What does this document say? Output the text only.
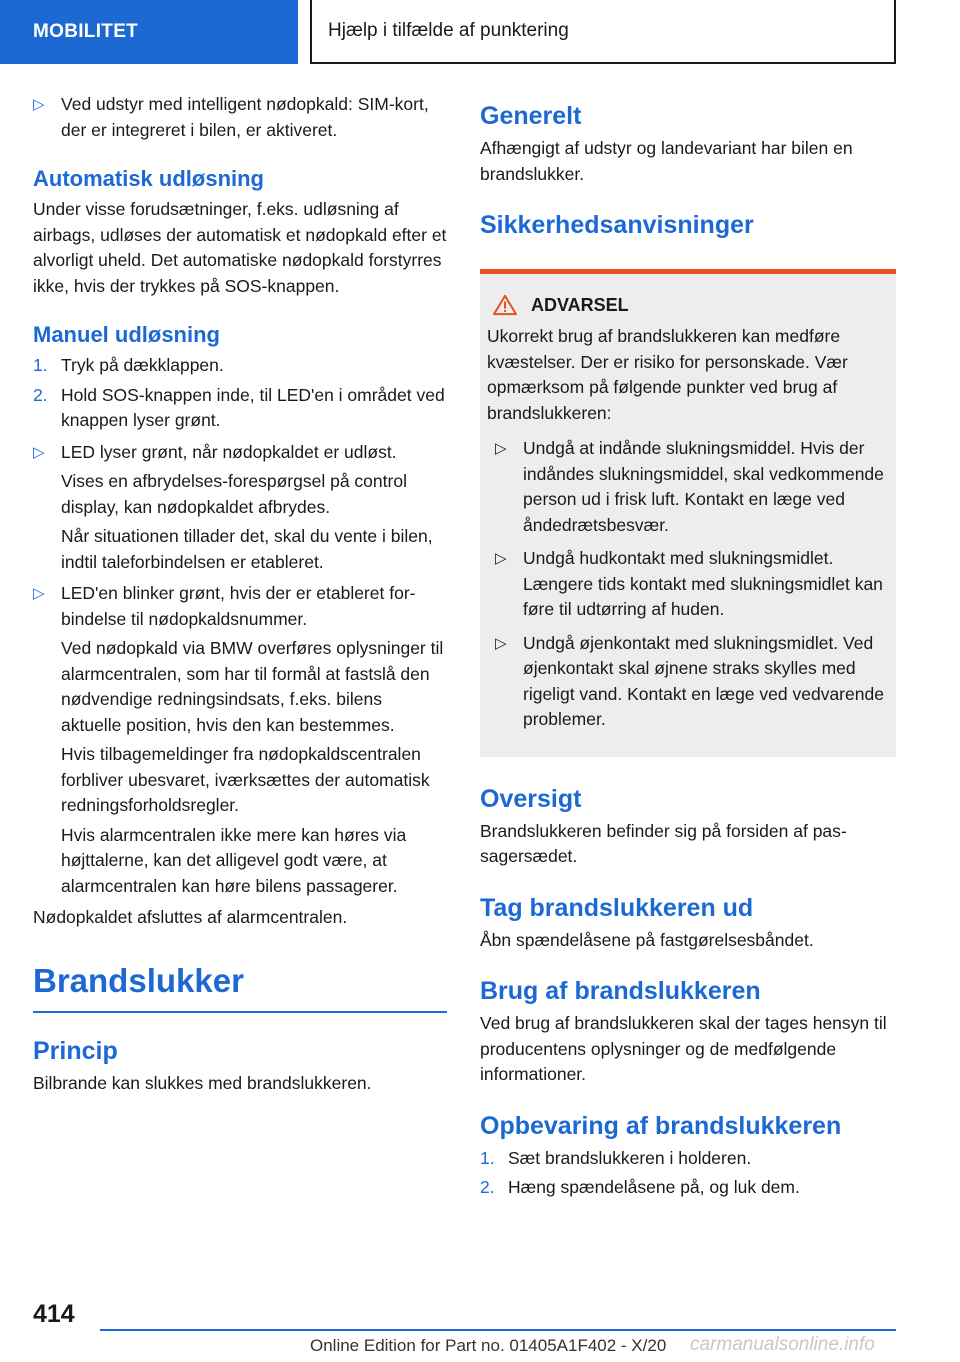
MOBILITET	Hjælp i tilfælde af punktering
▷ Ved udstyr med intelligent nødopkald: SIM-kort, der er integreret i bilen, er aktiveret.

Automatisk udløsning

Under visse forudsætninger, f.eks. udløsning af airbags, udløses der automatisk et nødopkald efter et alvorligt uheld. Det automatiske nødopkald forstyrres ikke, hvis der trykkes på SOS-knappen.

Manuel udløsning
1. Tryk på dækklappen.

2. Hold SOS-knappen inde, til LED'en i området ved knappen lyser grønt.

▷ LED lyser grønt, når nødopkaldet er udløst.

Vises en afbrydelses-forespørgsel på control display, kan nødopkaldet afbrydes.

Når situationen tillader det, skal du vente i bilen, indtil taleforbindelsen er etableret.

▷ LED'en blinker grønt, hvis der er etableret forbindelse til nødopkaldsnummer.

Ved nødopkald via BMW overføres oplysninger til alarmcentralen, som har til formål at fastslå den nødvendige redningsindsats, f.eks. bilens aktuelle position, hvis den kan bestemmes.

Hvis tilbagemeldinger fra nødopkaldscentralen forbliver ubesvaret, iværksættes der automatisk redningsforholdsregler.

Hvis alarmcentralen ikke mere kan høres via højttalerne, kan det alligevel godt være, at alarmcentralen kan høre bilens passagerer.

Nødopkaldet afsluttes af alarmcentralen.

Brandslukker
Princip

Bilbrande kan slukkes med brandslukkeren.

Generelt

Afhængigt af udstyr og landevariant har bilen en brandslukker.

Sikkerhedsanvisninger
ADVARSEL

Ukorrekt brug af brandslukkeren kan medføre kvæstelser. Der er risiko for personskade. Vær opmærksom på følgende punkter ved brug af brandslukkeren:

▷ Undgå at indånde slukningsmiddel. Hvis der indåndes slukningsmiddel, skal vedkommende person ud i frisk luft. Kontakt en læge ved åndedrætsbesvær.

▷ Undgå hudkontakt med slukningsmidlet. Længere tids kontakt med slukningsmidlet kan føre til udtørring af huden.

▷ Undgå øjenkontakt med slukningsmidlet. Ved øjenkontakt skal øjnene straks skylles med rigeligt vand. Kontakt en læge ved vedvarende problemer.

Oversigt

Brandslukkeren befinder sig på forsiden af passagersædet.

Tag brandslukkeren ud

Åbn spændelåsene på fastgørelsesbåndet.

Brug af brandslukkeren

Ved brug af brandslukkeren skal der tages hensyn til producentens oplysninger og de medfølgende informationer.

Opbevaring af brandslukkeren
1. Sæt brandslukkeren i holderen.

2. Hæng spændelåsene på, og luk dem.

414
Online Edition for Part no. 01405A1F402 - X/20 carmanualsonline.info
